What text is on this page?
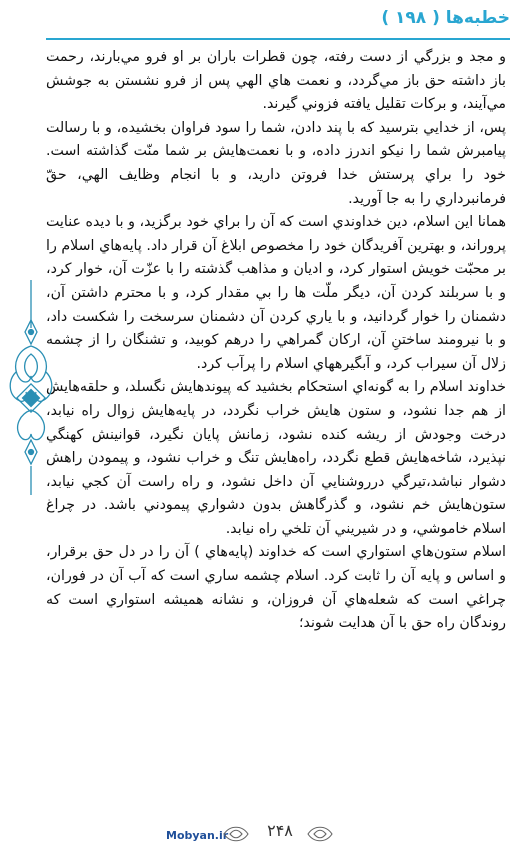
خطبه‌ها ( ۱۹۸ )

و مجد و بزرگي از دست رفته، چون قطرات باران بر او فرو مي‌بارند، رحمت باز داشته حق باز مي‌گردد، و نعمت هاي الهي پس از فرو نشستن به جوشش مي‌آيند، و بركات تقليل يافته فزوني گيرند.

پس، از خدايي بترسيد كه با پند دادن، شما را سود فراوان بخشيده، و با رسالت پيامبرش شما را نيكو اندرز داده، و با نعمت‌هايش بر شما منّت گذاشته است. خود را براي پرستش خدا فروتن داريد، و با انجام وظايف الهي، حقّ فرمانبرداري را به جا آوريد.

همانا اين اسلام، دين خداوندي است كه آن را براي خود برگزيد، و با ديده عنايت پروراند، و بهترين آفريدگان خود را مخصوص ابلاغ آن قرار داد. پايه‌هاي اسلام را بر محبّت خويش استوار كرد، و اديان و مذاهب گذشته را با عزّت آن، خوار كرد، و با سربلند كردن آن، ديگر ملّت ها را بي مقدار كرد، و با محترم داشتن آن، دشمنان را خوار گردانيد، و با ياري كردن آن دشمنان سرسخت را شكست داد، و با نيرومند ساختنِ آن، اركان گمراهي را درهم كوبيد، و تشنگان را از چشمه زلال آن سيراب كرد، و آبگيرههاي اسلام را پرآب كرد.

خداوند اسلام را به گونه‌اي استحكام بخشيد كه پيوندهايش نگسلد، و حلقه‌هايش از هم جدا نشود، و ستون هايش خراب نگردد، در پايه‌هايش زوال راه نيابد، درخت وجودش از ريشه كنده نشود، زمانش پايان نگيرد، قوانينش كهنگي نپذيرد، شاخه‌هايش قطع نگردد، راه‌هايش تنگ و خراب نشود، و پيمودن راهش دشوار نباشد،تيرگي درروشنايي آن داخل نشود، و راه راست آن كجي نيابد، ستون‌هايش خم نشود، و گذرگاهش بدون دشواري پيمودني باشد. در چراغ اسلام خاموشي، و در شيريني آن تلخي راه نيابد.

اسلام ستون‌هاي استواري است كه خداوند (پايه‌هاي ) آن را در دل حق برقرار، و اساس و پايه آن را ثابت كرد. اسلام چشمه ساري است كه آب آن در فوران، چراغي است كه شعله‌هاي آن فروزان، و نشانه هميشه استواري است كه روندگان راه حق با آن هدايت شوند؛

Mobyan.ir	۲۴۸
